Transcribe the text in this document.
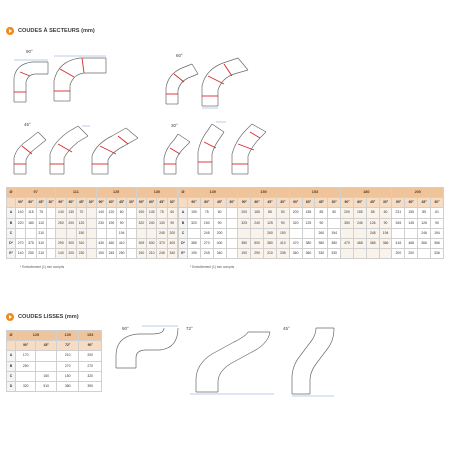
COUDES À SECTEURS (mm)
90°
60°
45°	30°
Ø	97				111				125				130			
	90°	60°	45°	30°	90°	60°	45°	30°	90°	60°	45°	30°	90°	60°	45°	30°
A	140	115	75		140	130	70		140	120	60		190	145	75	60
B	220	180	110		250	200	120		230	190	90		320	240	130	90
C			210				150				194				245	200
D*	270	375	310		290	300	310		430	460	410		305	500	370	400
E*	140	250	210		140	200	230		150	245	250		190	210	245	340
* Emboîtement (1) mm compris
Ø	139				150				153				180				200			
	90°	60°	45°	30°	90°	60°	45°	30°	90°	60°	45°	30°	90°	60°	45°	30°	90°	60°	45°	30°
A	190	75	60		200	165	85	50	200	155	85	50	200	155	85	60	231	155	85	61
B	320	150	90		325	240	125	90	320	125	90		350	245	126	90	345	145	126	90
C		245	200				260	190			260	194			248	194			246	194
D*	385	270	400		380	500	380	410	470	380	380	380	470	468	368	366	416	468	366	366
E*	190	245	340		190	290	210	335	360	360	330	330					200	200		336
* Emboîtement (1) mm compris
COUDES LISSES (mm)
Ø	125		139	153
	90°	45°	72°	90°
A	170		210	200
B	250		270	270
C		150	150	320
D	320	510	380	390
90°	72°	45°
